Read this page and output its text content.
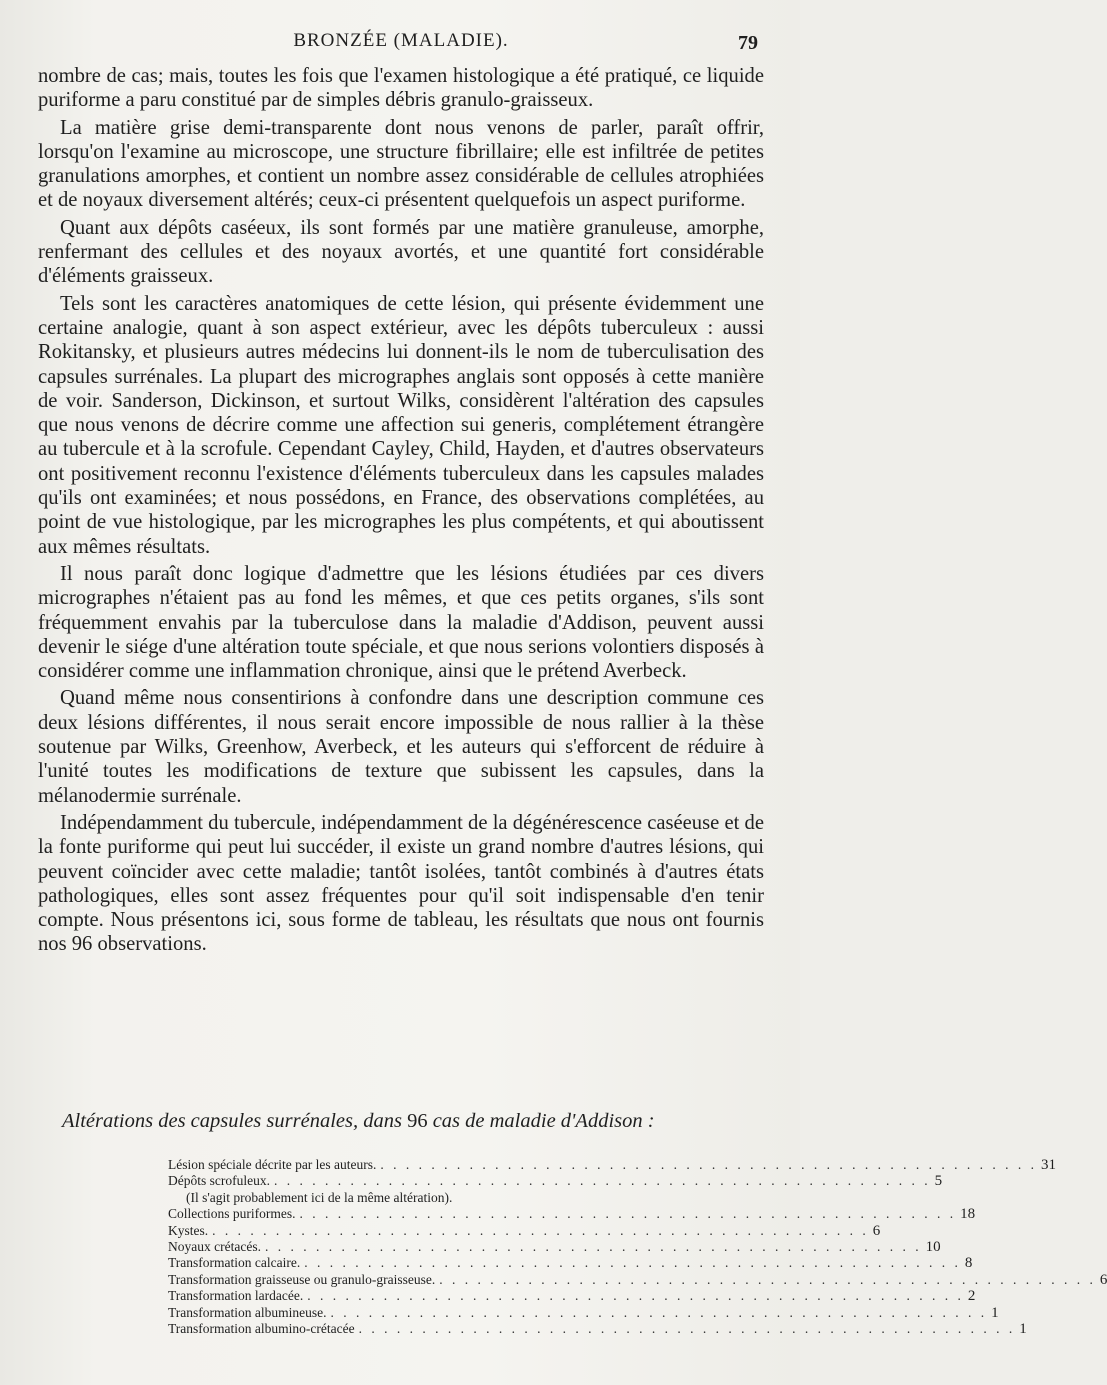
BRONZÉE (MALADIE).	79

nombre de cas; mais, toutes les fois que l'examen histologique a été pratiqué, ce liquide puriforme a paru constitué par de simples débris granulo-graisseux.

La matière grise demi-transparente dont nous venons de parler, paraît offrir, lorsqu'on l'examine au microscope, une structure fibrillaire; elle est infiltrée de petites granulations amorphes, et contient un nombre assez considérable de cellules atrophiées et de noyaux diversement altérés; ceux-ci présentent quelquefois un aspect puriforme.

Quant aux dépôts caséeux, ils sont formés par une matière granuleuse, amorphe, renfermant des cellules et des noyaux avortés, et une quantité fort considérable d'éléments graisseux.

Tels sont les caractères anatomiques de cette lésion, qui présente évidemment une certaine analogie, quant à son aspect extérieur, avec les dépôts tuberculeux : aussi Rokitansky, et plusieurs autres médecins lui donnent-ils le nom de tuberculisation des capsules surrénales. La plupart des micrographes anglais sont opposés à cette manière de voir. Sanderson, Dickinson, et surtout Wilks, considèrent l'altération des capsules que nous venons de décrire comme une affection sui generis, complétement étrangère au tubercule et à la scrofule. Cependant Cayley, Child, Hayden, et d'autres observateurs ont positivement reconnu l'existence d'éléments tuberculeux dans les capsules malades qu'ils ont examinées; et nous possédons, en France, des observations complétées, au point de vue histologique, par les micrographes les plus compétents, et qui aboutissent aux mêmes résultats.

Il nous paraît donc logique d'admettre que les lésions étudiées par ces divers micrographes n'étaient pas au fond les mêmes, et que ces petits organes, s'ils sont fréquemment envahis par la tuberculose dans la maladie d'Addison, peuvent aussi devenir le siége d'une altération toute spéciale, et que nous serions volontiers disposés à considérer comme une inflammation chronique, ainsi que le prétend Averbeck.

Quand même nous consentirions à confondre dans une description commune ces deux lésions différentes, il nous serait encore impossible de nous rallier à la thèse soutenue par Wilks, Greenhow, Averbeck, et les auteurs qui s'efforcent de réduire à l'unité toutes les modifications de texture que subissent les capsules, dans la mélanodermie surrénale.

Indépendamment du tubercule, indépendamment de la dégénérescence caséeuse et de la fonte puriforme qui peut lui succéder, il existe un grand nombre d'autres lésions, qui peuvent coïncider avec cette maladie; tantôt isolées, tantôt combinés à d'autres états pathologiques, elles sont assez fréquentes pour qu'il soit indispensable d'en tenir compte. Nous présentons ici, sous forme de tableau, les résultats que nous ont fournis nos 96 observations.

Altérations des capsules surrénales, dans 96 cas de maladie d'Addison :
Lésion spéciale décrite par les auteurs. . . . . . . . . . . . . . . . . . . . . . . . . . . . . . . . . . . . . . . . . . . . . . . . . . . . . 31
Dépôts scrofuleux. . . . . . . . . . . . . . . . . . . . . . . . . . . . . . . . . . . . . . . . . . . . . . . . . . . . . 5
(Il s'agit probablement ici de la même altération).
Collections puriformes. . . . . . . . . . . . . . . . . . . . . . . . . . . . . . . . . . . . . . . . . . . . . . . . . . . . . 18
Kystes. . . . . . . . . . . . . . . . . . . . . . . . . . . . . . . . . . . . . . . . . . . . . . . . . . . . . 6
Noyaux crétacés. . . . . . . . . . . . . . . . . . . . . . . . . . . . . . . . . . . . . . . . . . . . . . . . . . . . . 10
Transformation calcaire. . . . . . . . . . . . . . . . . . . . . . . . . . . . . . . . . . . . . . . . . . . . . . . . . . . . . 8
Transformation graisseuse ou granulo-graisseuse. . . . . . . . . . . . . . . . . . . . . . . . . . . . . . . . . . . . . . . . . . . . . . . . . . . . . 6
Transformation lardacée. . . . . . . . . . . . . . . . . . . . . . . . . . . . . . . . . . . . . . . . . . . . . . . . . . . . . 2
Transformation albumineuse. . . . . . . . . . . . . . . . . . . . . . . . . . . . . . . . . . . . . . . . . . . . . . . . . . . . . 1
Transformation albumino-crétacée . . . . . . . . . . . . . . . . . . . . . . . . . . . . . . . . . . . . . . . . . . . . . . . . . . . . 1
